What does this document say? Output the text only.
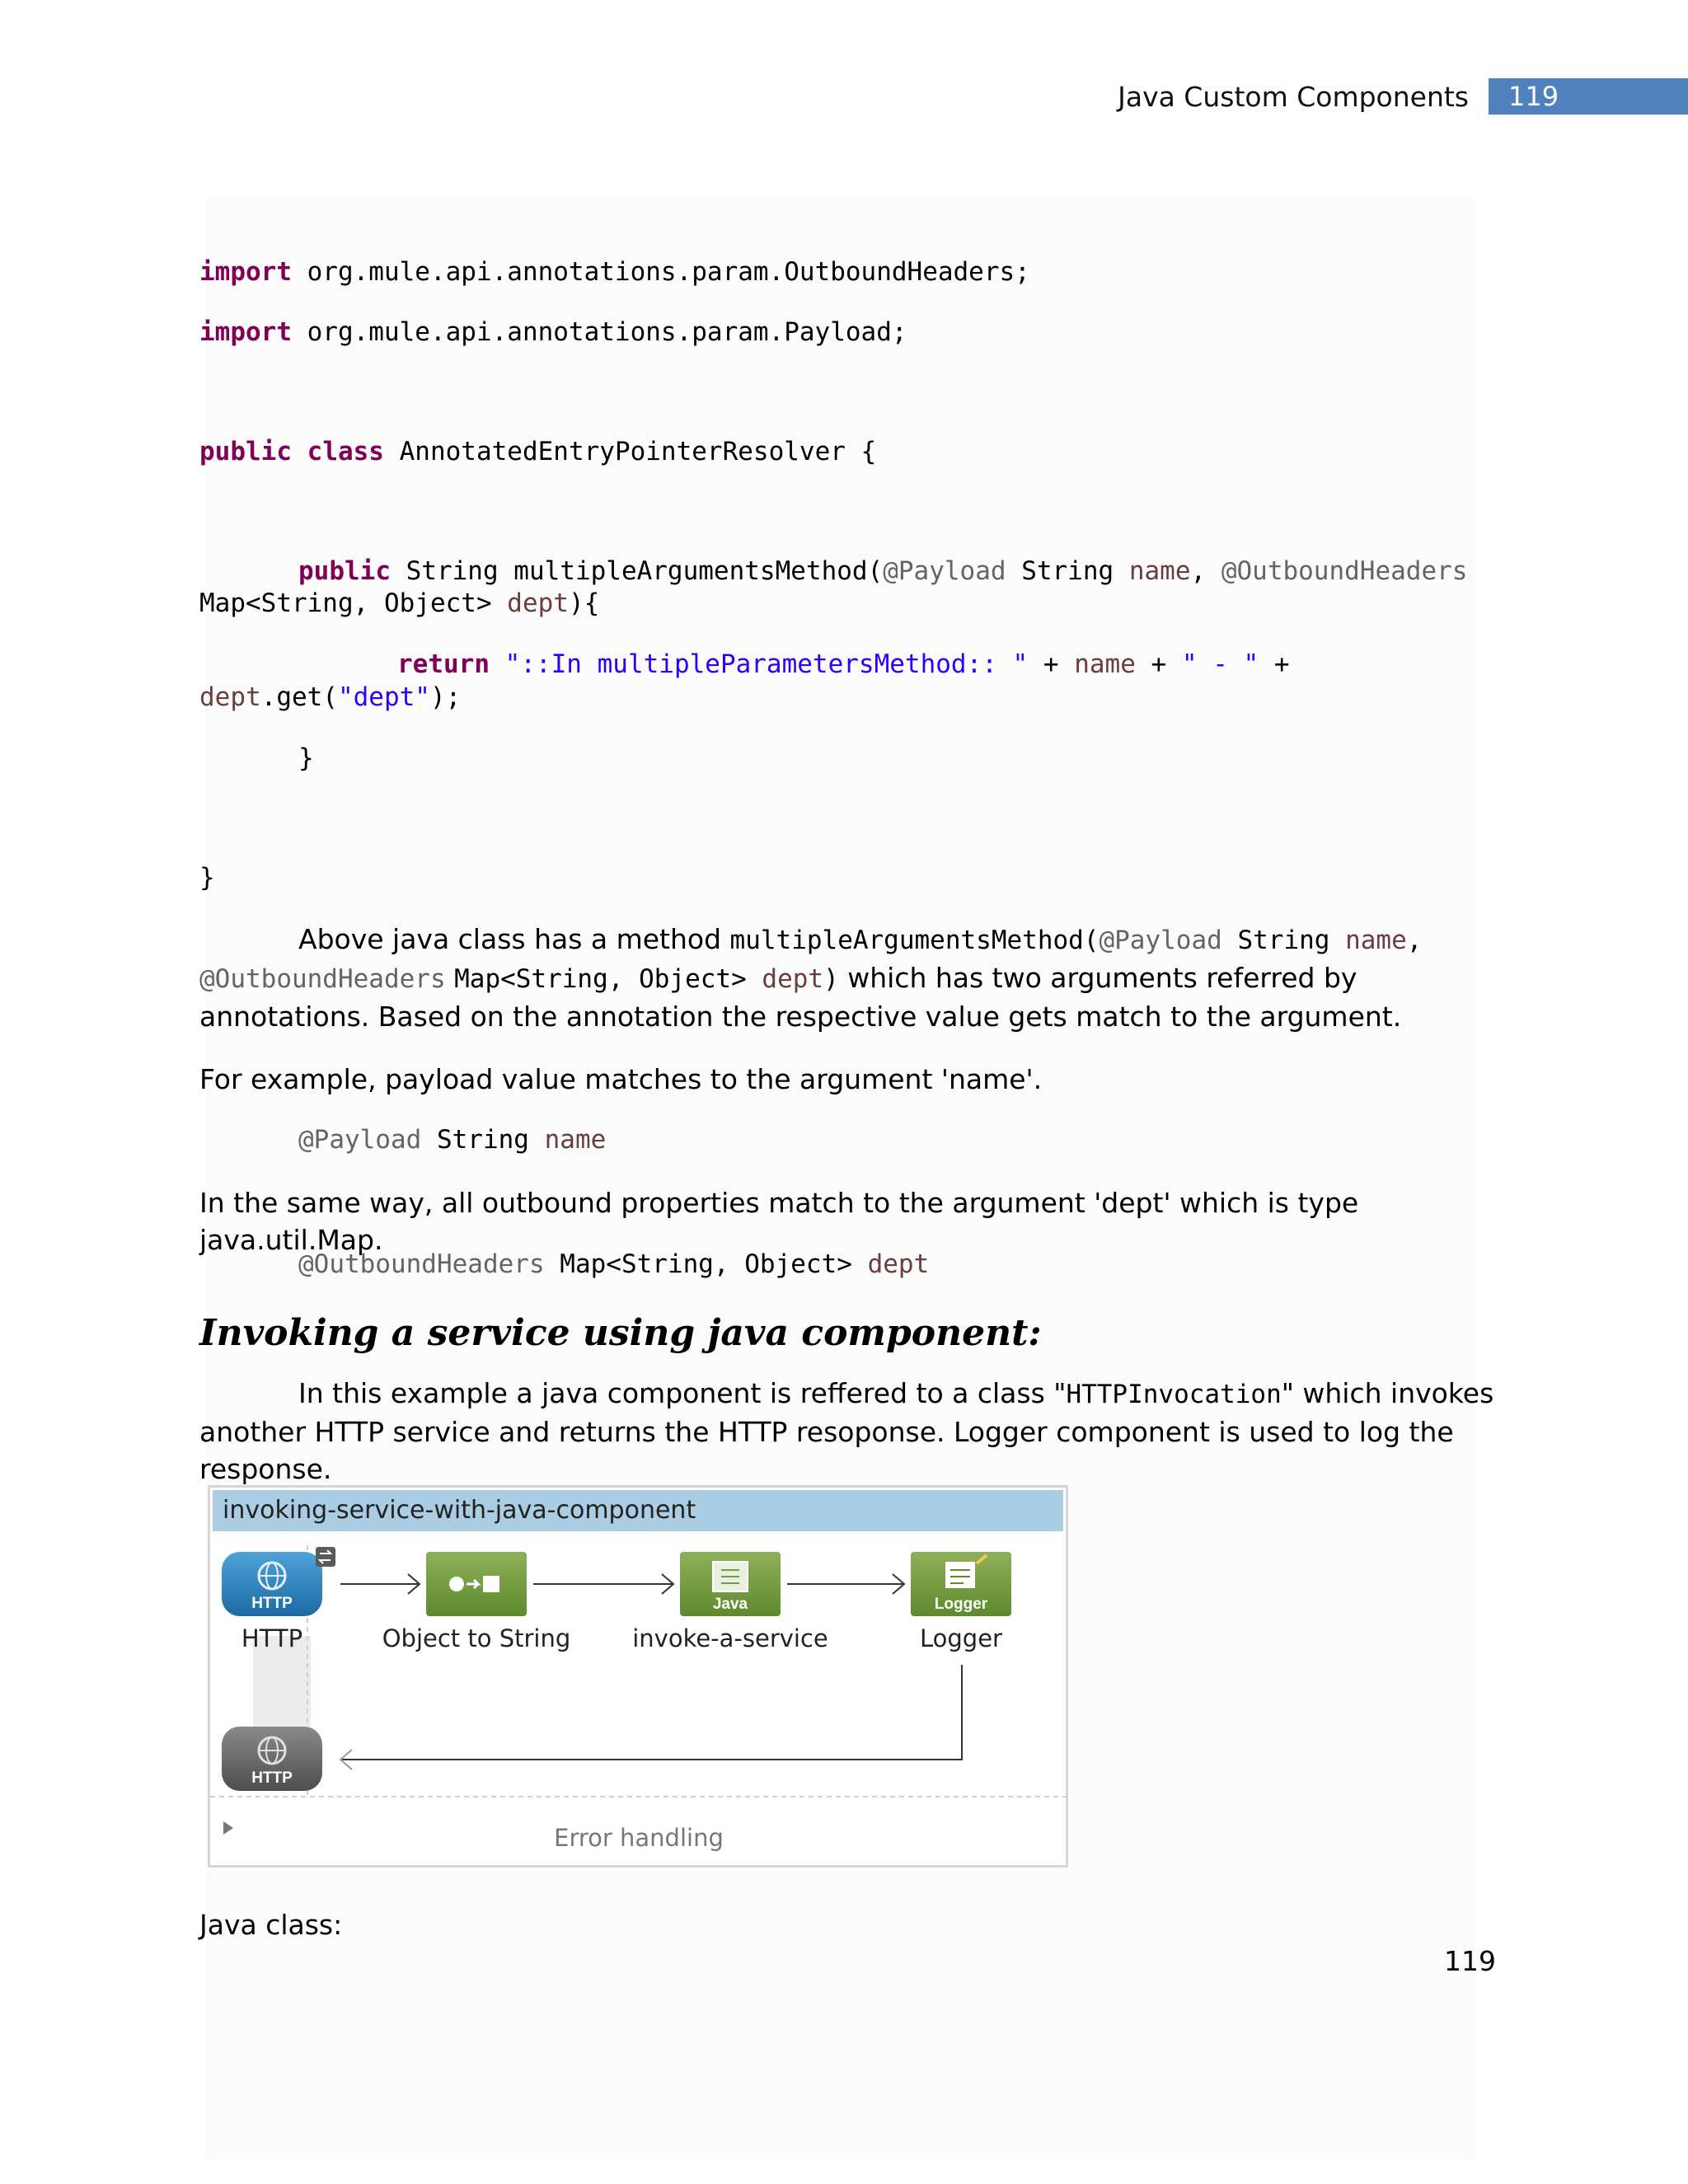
Java Custom Components	119
import org.mule.api.annotations.param.OutboundHeaders;
import org.mule.api.annotations.param.Payload;
public class AnnotatedEntryPointerResolver {
public String multipleArgumentsMethod(@Payload String name, @OutboundHeaders
Map<String, Object> dept){
return "::In multipleParametersMethod:: " + name + " - " +
dept.get("dept");
}
}
Above java class has a method multipleArgumentsMethod(@Payload String name, @OutboundHeaders Map<String, Object> dept) which has two arguments referred by annotations. Based on the annotation the respective value gets match to the argument.
For example, payload value matches to the argument 'name'.
@Payload String name
In the same way, all outbound properties match to the argument 'dept' which is type java.util.Map.
@OutboundHeaders Map<String, Object> dept
Invoking a service using java component:
In this example a java component is reffered to a class "HTTPInvocation" which invokes another HTTP service and returns the HTTP resoponse. Logger component is used to log the response.
invoking-service-with-java-component
HTTP	Java	Logger
HTTP
HTTP	Object to String	invoke-a-service	Logger
Error handling
Java class:
119
